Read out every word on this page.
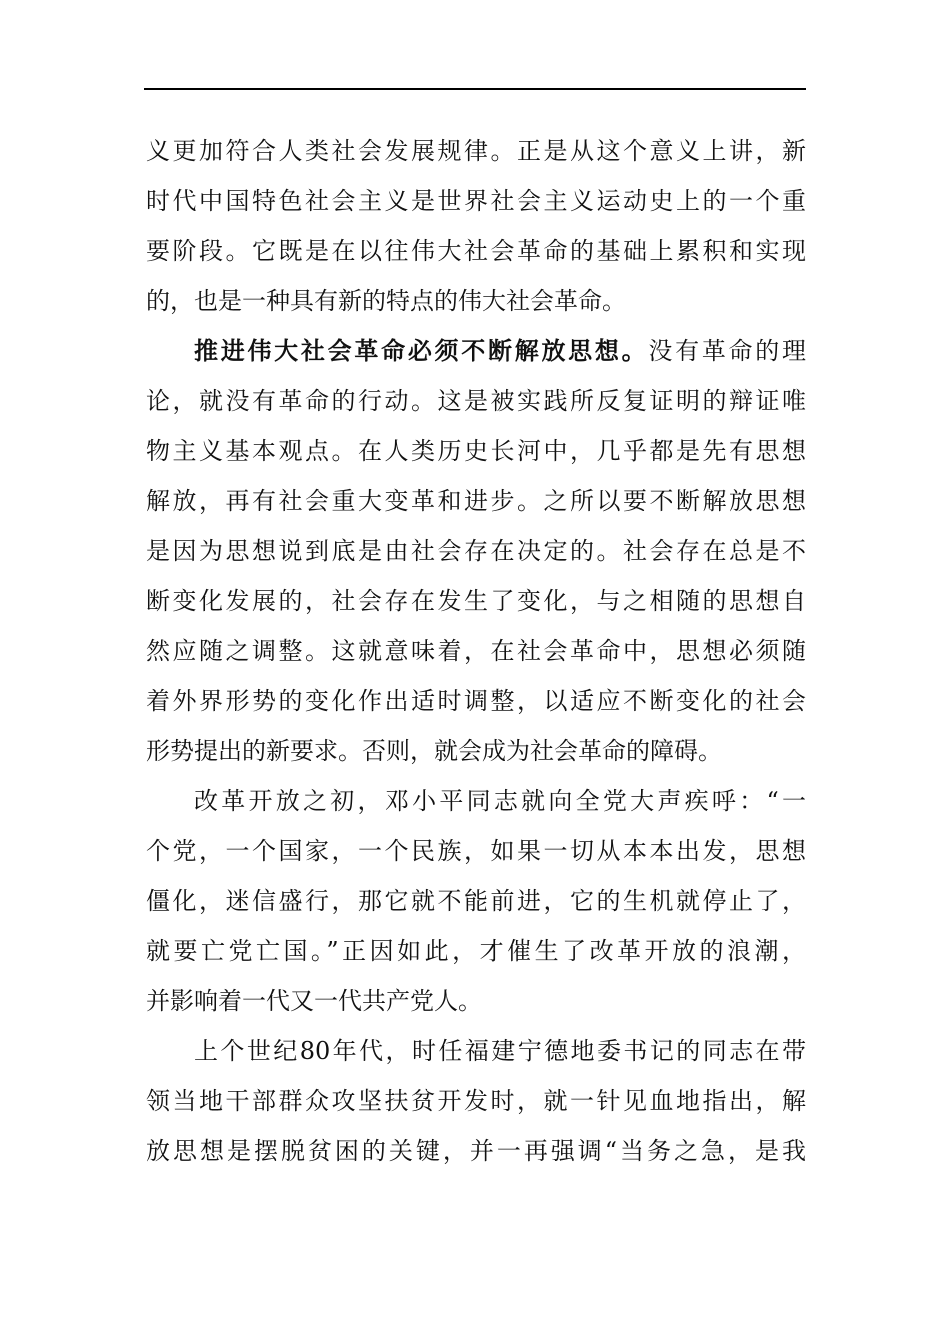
义更加符合人类社会发展规律。正是从这个意义上讲，新
时代中国特色社会主义是世界社会主义运动史上的一个重
要阶段。它既是在以往伟大社会革命的基础上累积和实现
的，也是一种具有新的特点的伟大社会革命。
推进伟大社会革命必须不断解放思想。没有革命的理
论，就没有革命的行动。这是被实践所反复证明的辩证唯
物主义基本观点。在人类历史长河中，几乎都是先有思想
解放，再有社会重大变革和进步。之所以要不断解放思想
是因为思想说到底是由社会存在决定的。社会存在总是不
断变化发展的，社会存在发生了变化，与之相随的思想自
然应随之调整。这就意味着，在社会革命中，思想必须随
着外界形势的变化作出适时调整，以适应不断变化的社会
形势提出的新要求。否则，就会成为社会革命的障碍。
改革开放之初，邓小平同志就向全党大声疾呼：“一
个党，一个国家，一个民族，如果一切从本本出发，思想
僵化，迷信盛行，那它就不能前进，它的生机就停止了，
就要亡党亡国。”正因如此，才催生了改革开放的浪潮，
并影响着一代又一代共产党人。
上个世纪80年代，时任福建宁德地委书记的同志在带
领当地干部群众攻坚扶贫开发时，就一针见血地指出，解
放思想是摆脱贫困的关键，并一再强调“当务之急，是我
